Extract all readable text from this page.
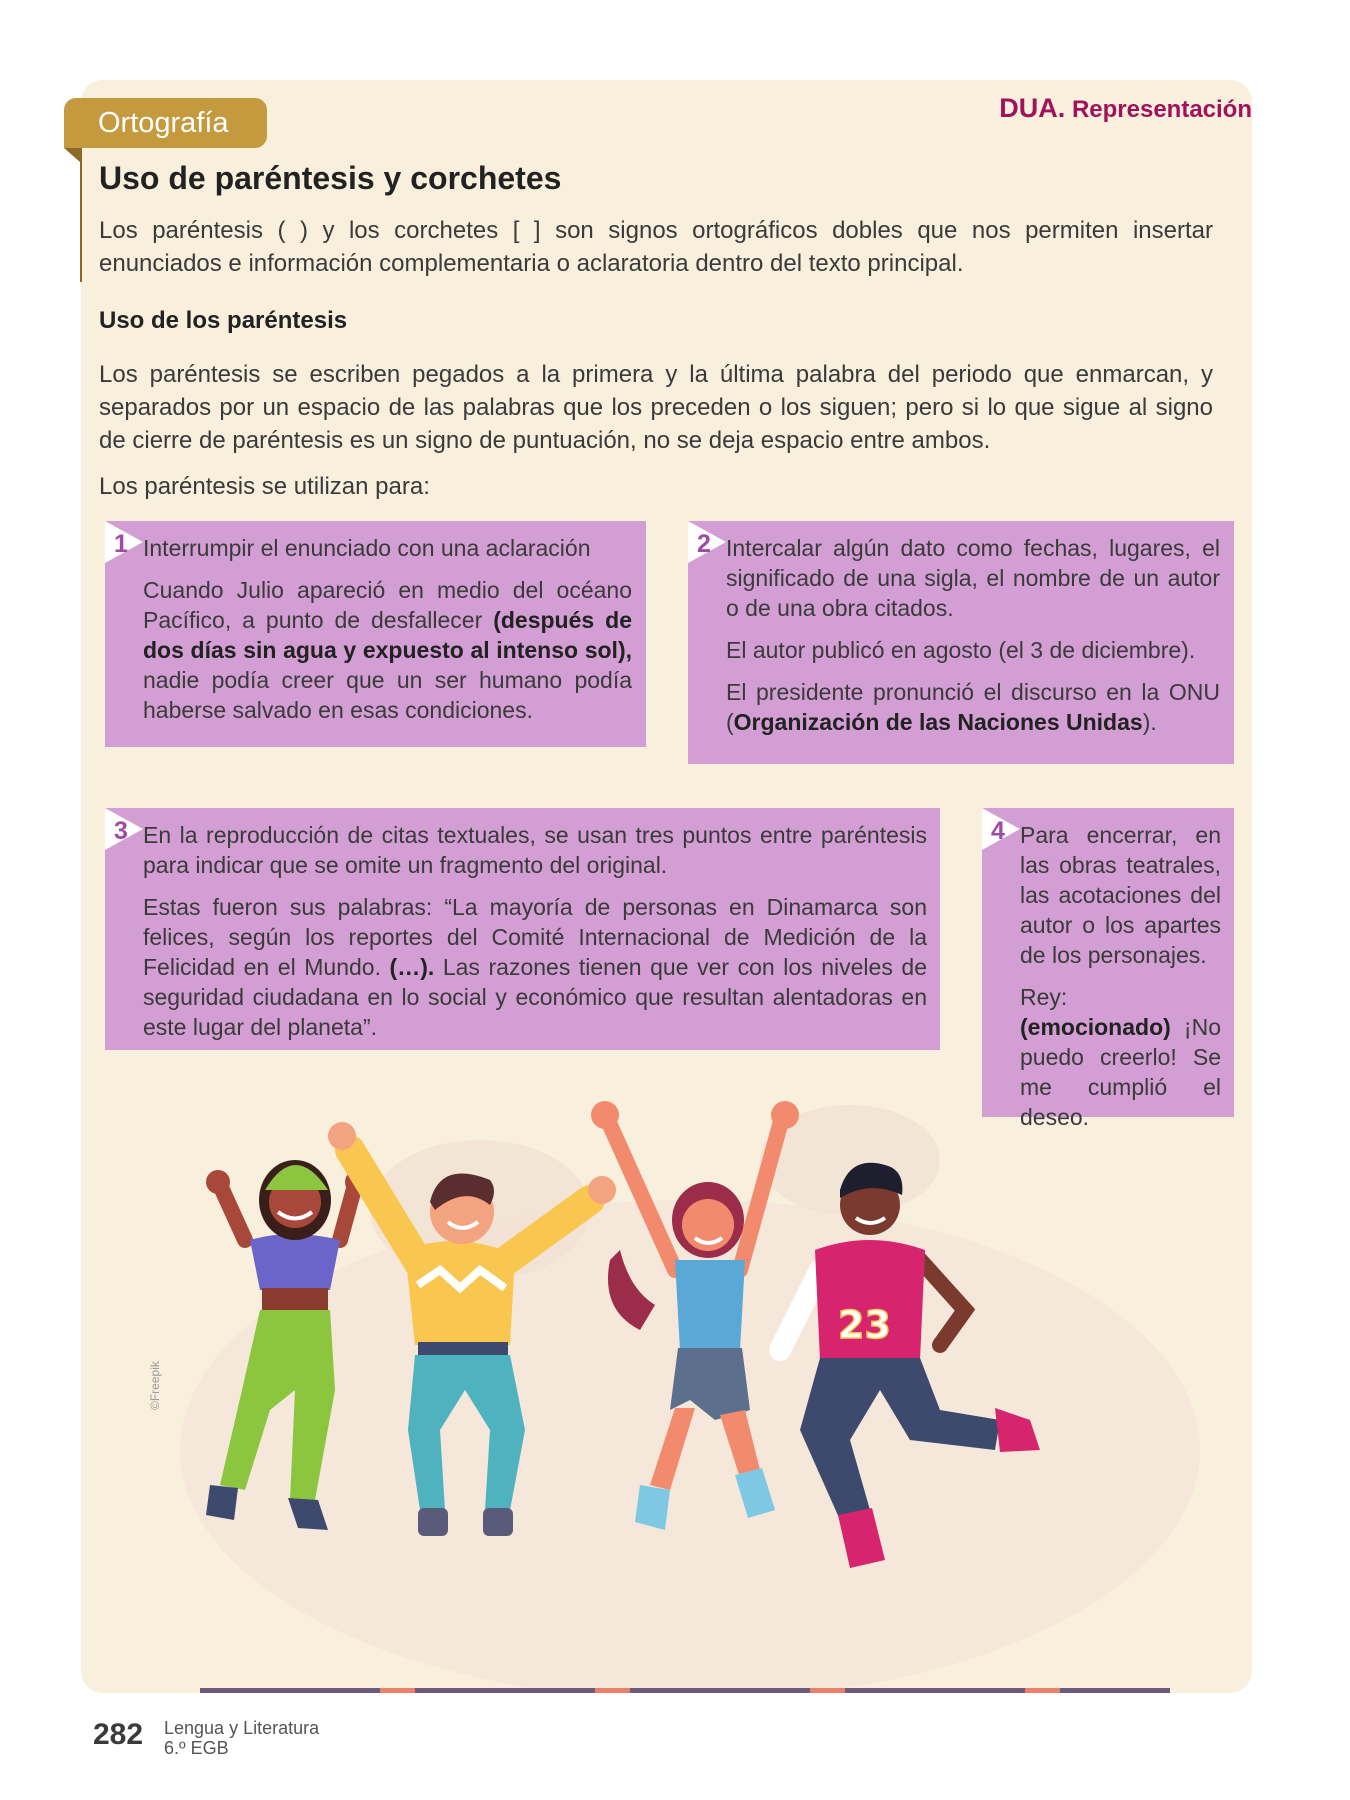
DUA. Representación
Ortografía
Uso de paréntesis y corchetes
Los paréntesis ( ) y los corchetes [ ] son signos ortográficos dobles que nos permiten insertar enunciados e información complementaria o aclaratoria dentro del texto principal.
Uso de los paréntesis
Los paréntesis se escriben pegados a la primera y la última palabra del periodo que enmarcan, y separados por un espacio de las palabras que los preceden o los siguen; pero si lo que sigue al signo de cierre de paréntesis es un signo de puntuación, no se deja espacio entre ambos.
Los paréntesis se utilizan para:
1 Interrumpir el enunciado con una aclaración

Cuando Julio apareció en medio del océano Pacífico, a punto de desfallecer (después de dos días sin agua y expuesto al intenso sol), nadie podía creer que un ser humano podía haberse salvado en esas condiciones.

2 Intercalar algún dato como fechas, lugares, el significado de una sigla, el nombre de un autor o de una obra citados.

El autor publicó en agosto (el 3 de diciembre).

El presidente pronunció el discurso en la ONU (Organización de las Naciones Unidas).

3 En la reproducción de citas textuales, se usan tres puntos entre paréntesis para indicar que se omite un fragmento del original.

Estas fueron sus palabras: “La mayoría de personas en Dinamarca son felices, según los reportes del Comité Internacional de Medición de la Felicidad en el Mundo. (…). Las razones tienen que ver con los niveles de seguridad ciudadana en lo social y económico que resultan alentadoras en este lugar del planeta”.

4 Para encerrar, en las obras teatrales, las acotaciones del autor o los apartes de los personajes.

Rey: (emocionado) ¡No puedo creerlo! Se me cumplió el deseo.

23
©Freepik
282 Lengua y Literatura
6.º EGB
